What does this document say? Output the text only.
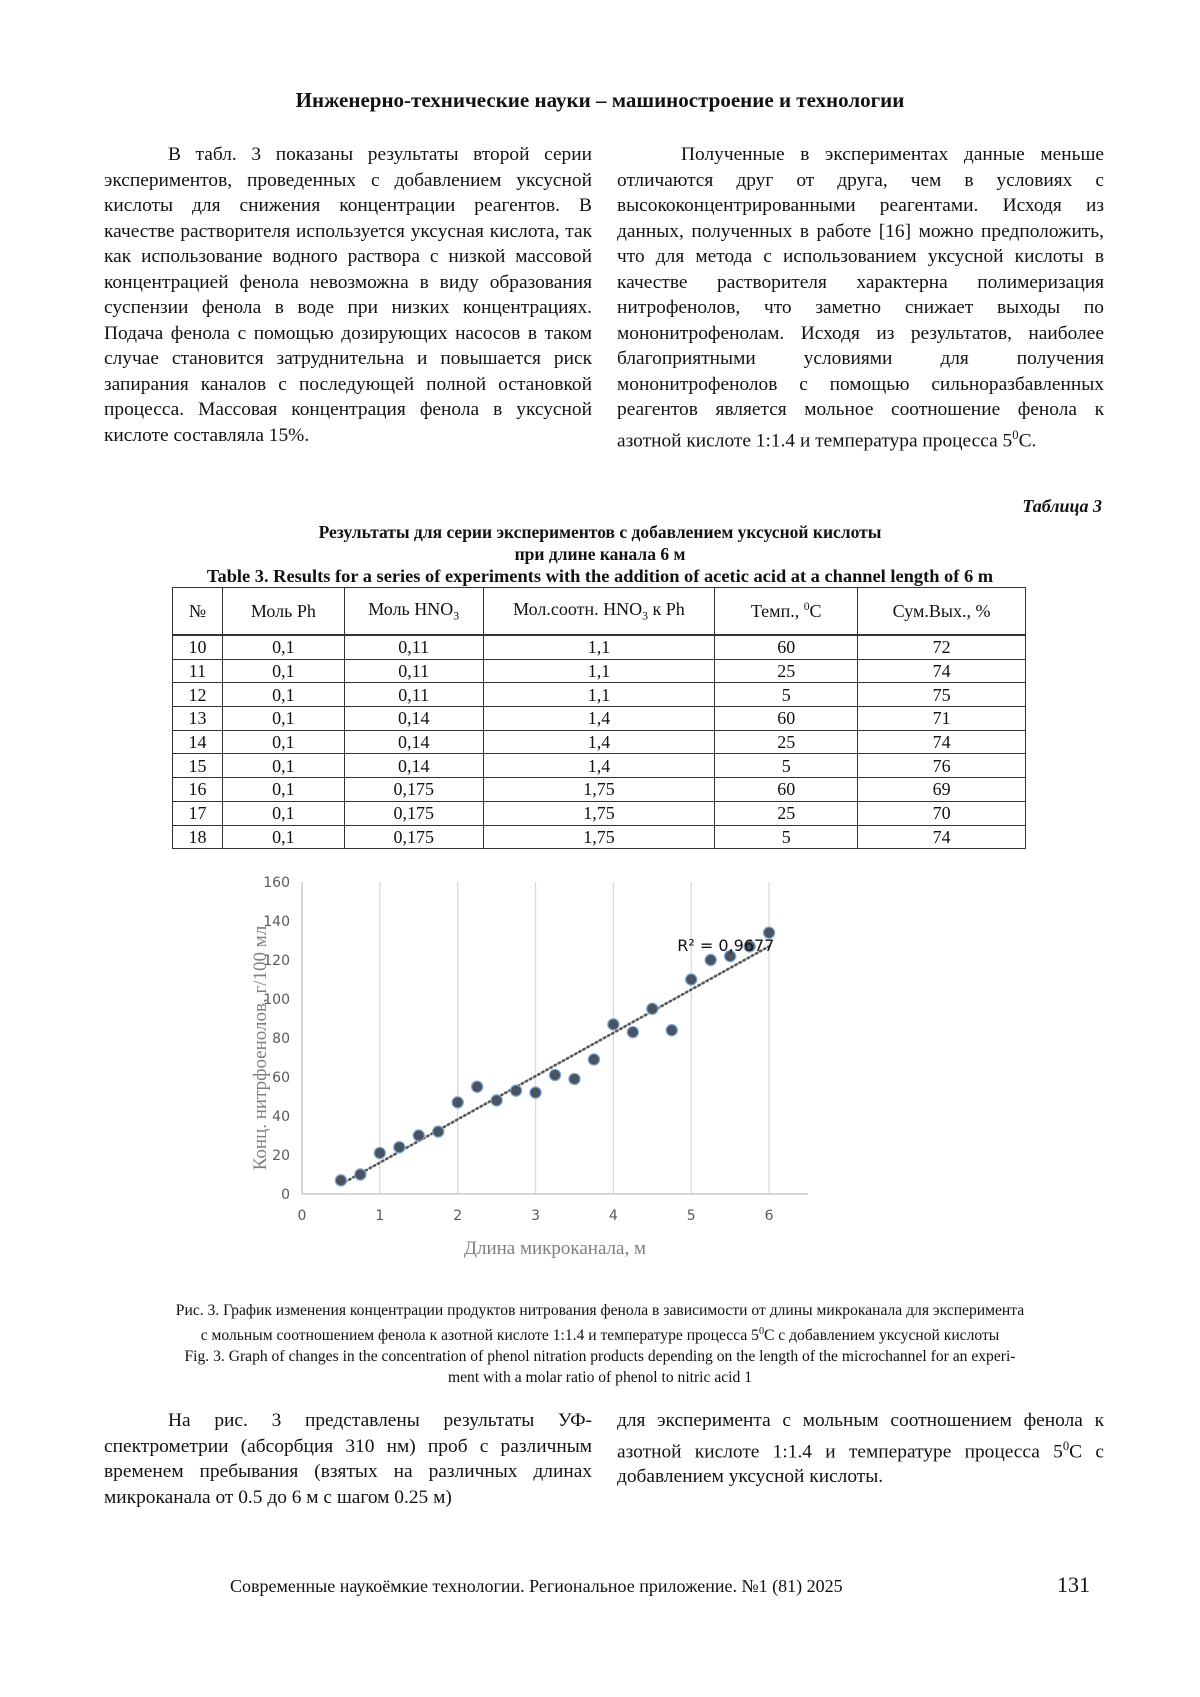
Инженерно-технические науки – машиностроение и технологии

В табл. 3 показаны результаты второй серии экспериментов, проведенных с добавлением уксусной кислоты для снижения концентрации реагентов. В качестве растворителя используется уксусная кислота, так как использование водного раствора с низкой массовой концентрацией фенола невозможна в виду образования суспензии фенола в воде при низких концентрациях. Подача фенола с помощью дозирующих насосов в таком случае становится затруднительна и повышается риск запирания каналов с последующей полной остановкой процесса. Массовая концентрация фенола в уксусной кислоте составляла 15%.

Полученные в экспериментах данные меньше отличаются друг от друга, чем в условиях с высококонцентрированными реагентами. Исходя из данных, полученных в работе [16] можно предположить, что для метода с использованием уксусной кислоты в качестве растворителя характерна полимеризация нитрофенолов, что заметно снижает выходы по мононитрофенолам. Исходя из результатов, наиболее благоприятными условиями для получения мононитрофенолов с помощью сильноразбавленных реагентов является мольное соотношение фенола к азотной кислоте 1:1.4 и температура процесса $5^0С$.

Таблица 3
Результаты для серии экспериментов с добавлением уксусной кислоты
при длине канала 6 м
Table 3. Results for a series of experiments with the addition of acetic acid at a channel length of 6 m
№	Моль Ph	Моль $HNO_3$	Мол.соотн. $HNO_3$ к Ph	Темп., $^0$С	Сум.Вых., %
10	0,1	0,11	1,1	60	72
11	0,1	0,11	1,1	25	74
12	0,1	0,11	1,1	5	75
13	0,1	0,14	1,4	60	71
14	0,1	0,14	1,4	25	74
15	0,1	0,14	1,4	5	76
16	0,1	0,175	1,75	60	69
17	0,1	0,175	1,75	25	70
18	0,1	0,175	1,75	5	74
0
20
40
60
80
100
120
140
160
0	1	2	3	4	5	6
Длина микроканала, м
Конц. нитрфоенолов, г/100 мл	R² = 0,9677
Рис. 3. График изменения концентрации продуктов нитрования фенола в зависимости от длины микроканала для эксперимента
с мольным соотношением фенола к азотной кислоте 1:1.4 и температуре процесса $5^0С$ с добавлением уксусной кислоты
Fig. 3. Graph of changes in the concentration of phenol nitration products depending on the length of the microchannel for an experi-
ment with a molar ratio of phenol to nitric acid 1

На рис. 3 представлены результаты УФ-спектрометрии (абсорбция 310 нм) проб с различным временем пребывания (взятых на различных длинах микроканала от 0.5 до 6 м с шагом 0.25 м)

для эксперимента с мольным соотношением фенола к азотной кислоте 1:1.4 и температуре процесса $5^0С$ с добавлением уксусной кислоты.

Современные наукоёмкие технологии. Региональное приложение. №1 (81) 2025	131
